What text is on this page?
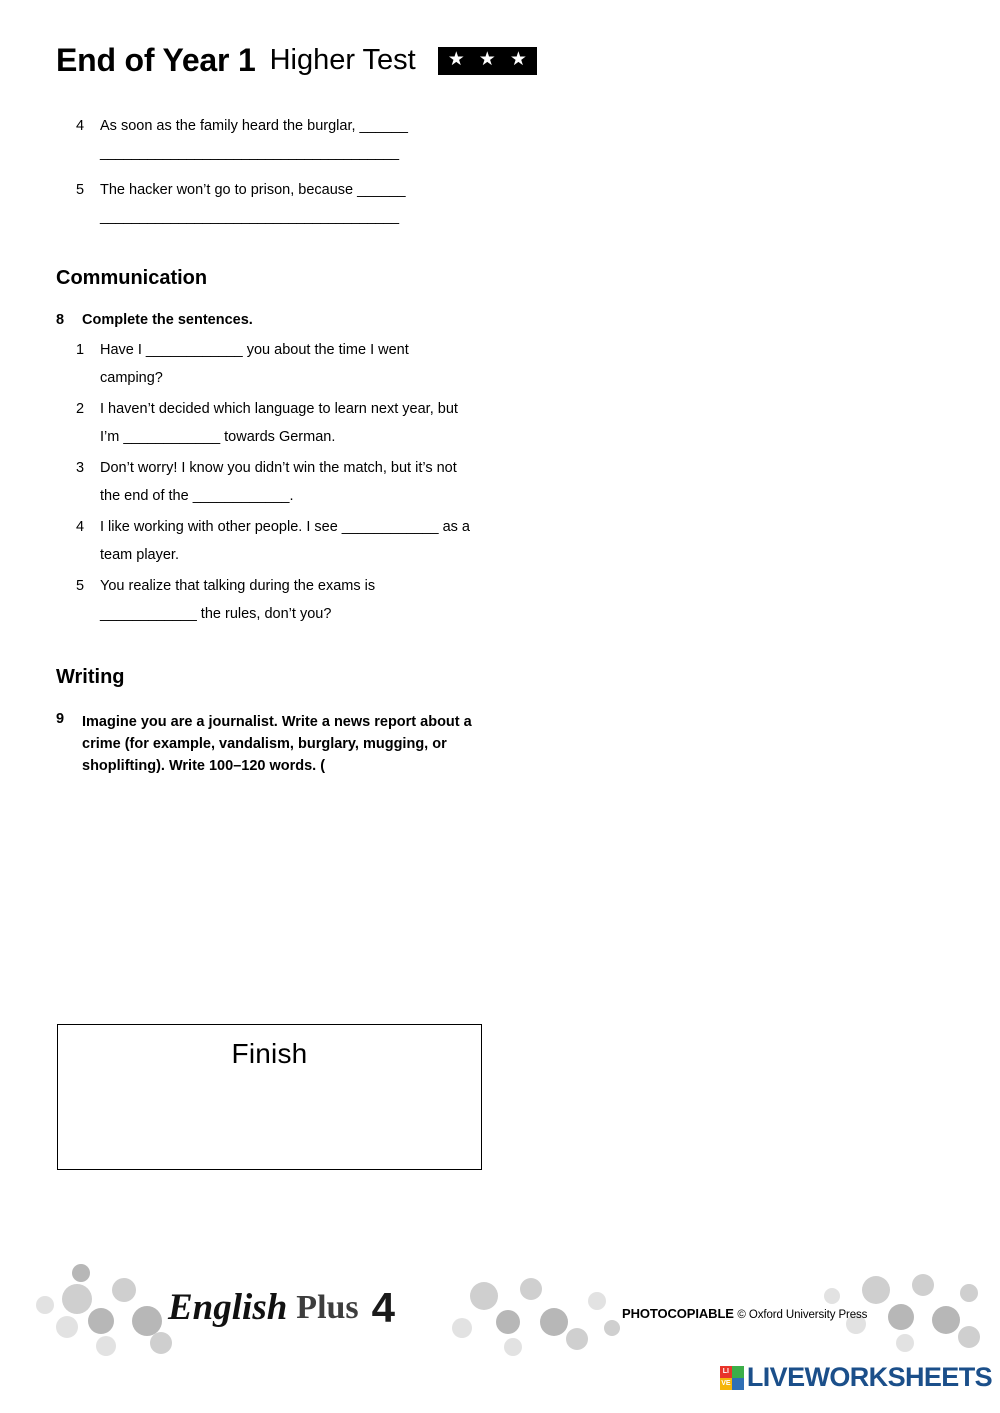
End of Year 1 Higher Test ★ ★ ★
4	As soon as the family heard the burglar, ______
______________________________________
5	The hacker won’t go to prison, because ______
______________________________________
Communication
8	Complete the sentences.
1	Have I ____________ you about the time I went camping?
2	I haven’t decided which language to learn next year, but I’m ____________ towards German.
3	Don’t worry! I know you didn’t win the match, but it’s not the end of the ____________.
4	I like working with other people. I see ____________ as a team player.
5	You realize that talking during the exams is ____________ the rules, don’t you?
Writing
9	Imagine you are a journalist. Write a news report about a crime (for example, vandalism, burglary, mugging, or shoplifting). Write 100–120 words. (
Finish
English Plus 4	PHOTOCOPIABLE © Oxford University Press
LI
VE LIVEWORKSHEETS
